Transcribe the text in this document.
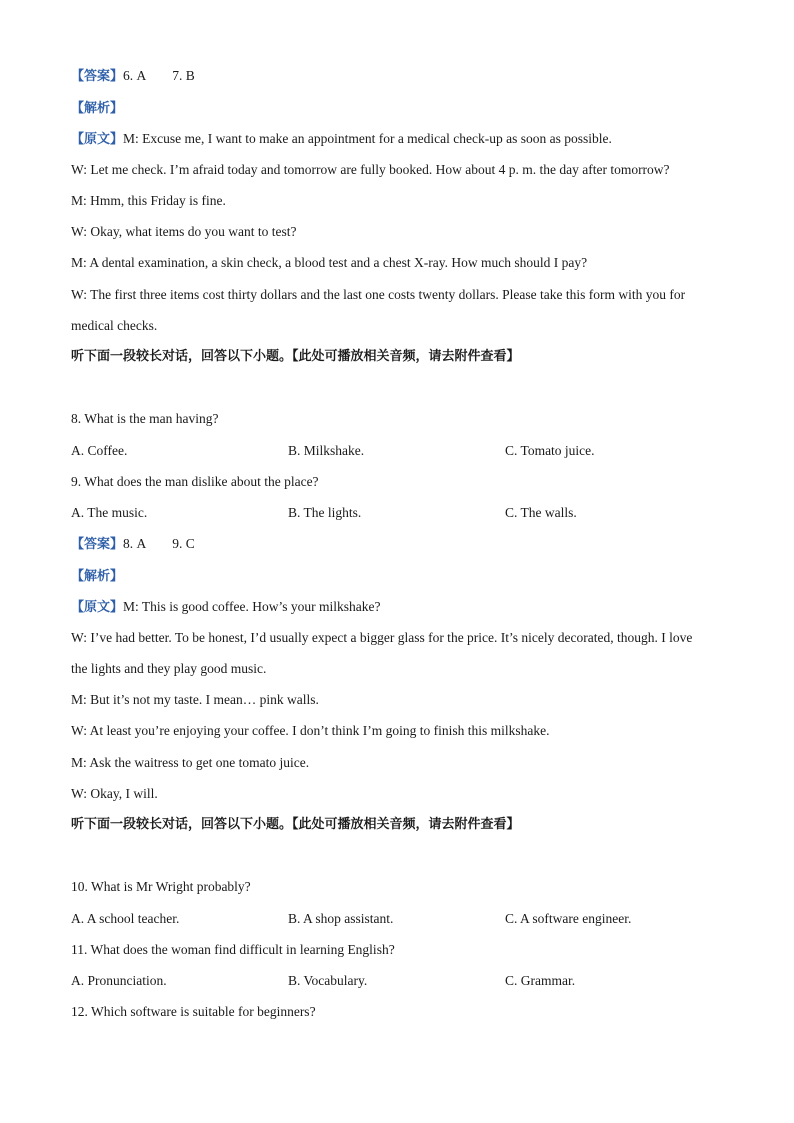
【答案】6. A 7. B
【解析】
【原文】M: Excuse me, I want to make an appointment for a medical check-up as soon as possible.
W: Let me check. I’m afraid today and tomorrow are fully booked. How about 4 p. m. the day after tomorrow?
M: Hmm, this Friday is fine.
W: Okay, what items do you want to test?
M: A dental examination, a skin check, a blood test and a chest X-ray. How much should I pay?
W: The first three items cost thirty dollars and the last one costs twenty dollars. Please take this form with you for
medical checks.
听下面一段较长对话，回答以下小题。【此处可播放相关音频，请去附件查看】
8. What is the man having?
A. Coffee.	B. Milkshake.	C. Tomato juice.
9. What does the man dislike about the place?
A. The music.	B. The lights.	C. The walls.
【答案】8. A 9. C
【解析】
【原文】M: This is good coffee. How’s your milkshake?
W: I’ve had better. To be honest, I’d usually expect a bigger glass for the price. It’s nicely decorated, though. I love
the lights and they play good music.
M: But it’s not my taste. I mean… pink walls.
W: At least you’re enjoying your coffee. I don’t think I’m going to finish this milkshake.
M: Ask the waitress to get one tomato juice.
W: Okay, I will.
听下面一段较长对话，回答以下小题。【此处可播放相关音频，请去附件查看】
10. What is Mr Wright probably?
A. A school teacher.	B. A shop assistant.	C. A software engineer.
11. What does the woman find difficult in learning English?
A. Pronunciation.	B. Vocabulary.	C. Grammar.
12. Which software is suitable for beginners?
